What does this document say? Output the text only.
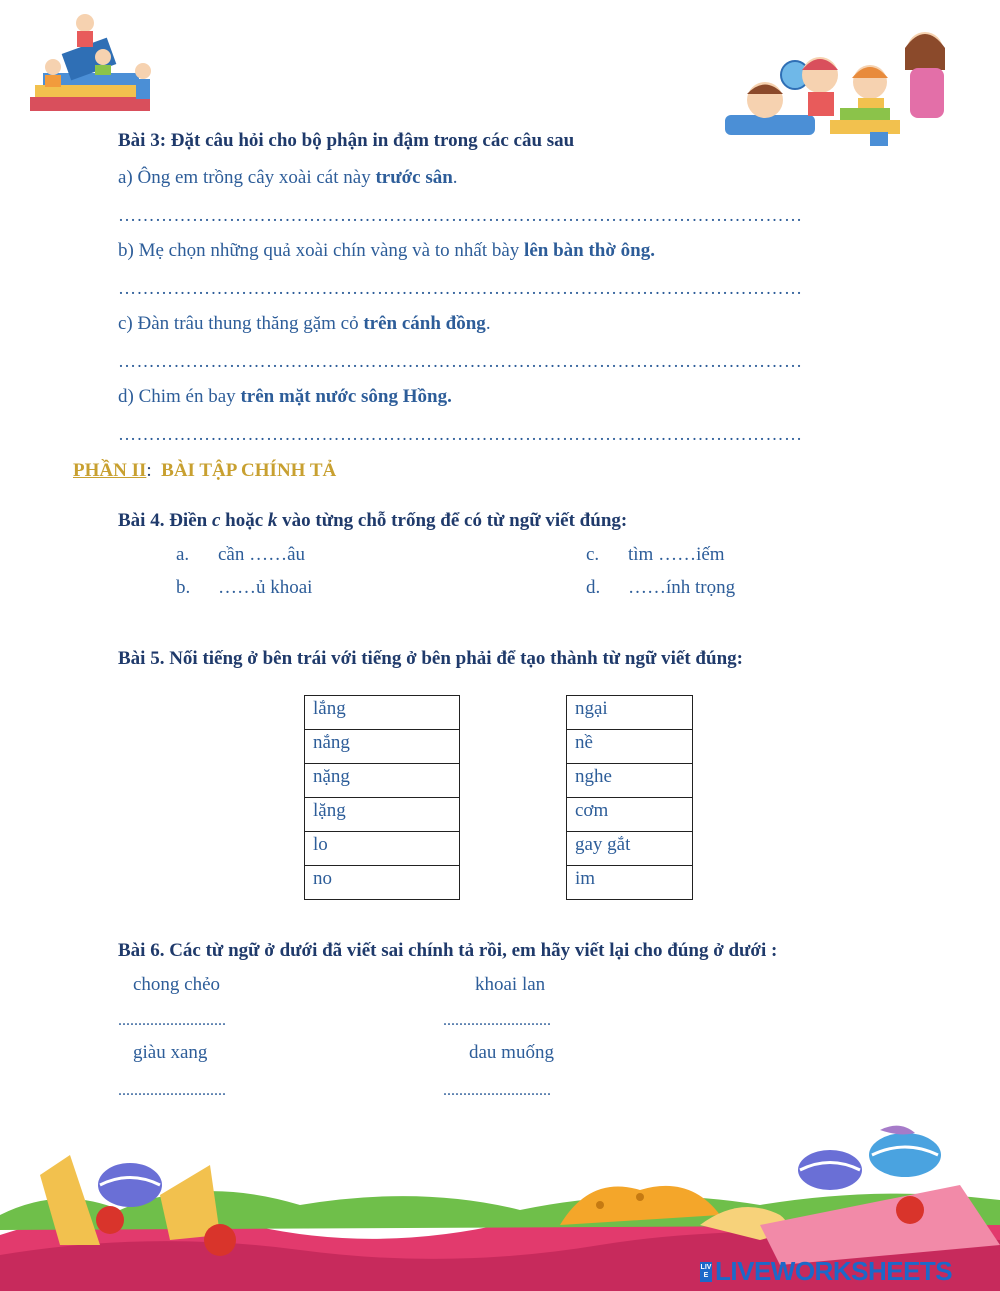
Bài 3: Đặt câu hỏi cho bộ phận in đậm trong các câu sau
a) Ông em trồng cây xoài cát này trước sân.
…………………………………………………………………………………………………
b) Mẹ chọn những quả xoài chín vàng và to nhất bày lên bàn thờ ông.
…………………………………………………………………………………………………
c) Đàn trâu thung thăng gặm cỏ trên cánh đồng.
…………………………………………………………………………………………………
d) Chim én bay trên mặt nước sông Hồng.
…………………………………………………………………………………………………
PHẦN II: BÀI TẬP CHÍNH TẢ
Bài 4. Điền c hoặc k vào từng chỗ trống để có từ ngữ viết đúng:
a. cần ……âu
b. ……ủ khoai
c. tìm ……iếm
d. ……ính trọng
Bài 5. Nối tiếng ở bên trái với tiếng ở bên phải để tạo thành từ ngữ viết đúng:
lắng
nắng
nặng
lặng
lo
no
ngại
nề
nghe
cơm
gay gắt
im
Bài 6. Các từ ngữ ở dưới đã viết sai chính tả rồi, em hãy viết lại cho đúng ở dưới :
chong chẻo	khoai lan
...........................	...........................
giàu xang	dau muống
...........................	...........................
LIVE LIVEWORKSHEETS
